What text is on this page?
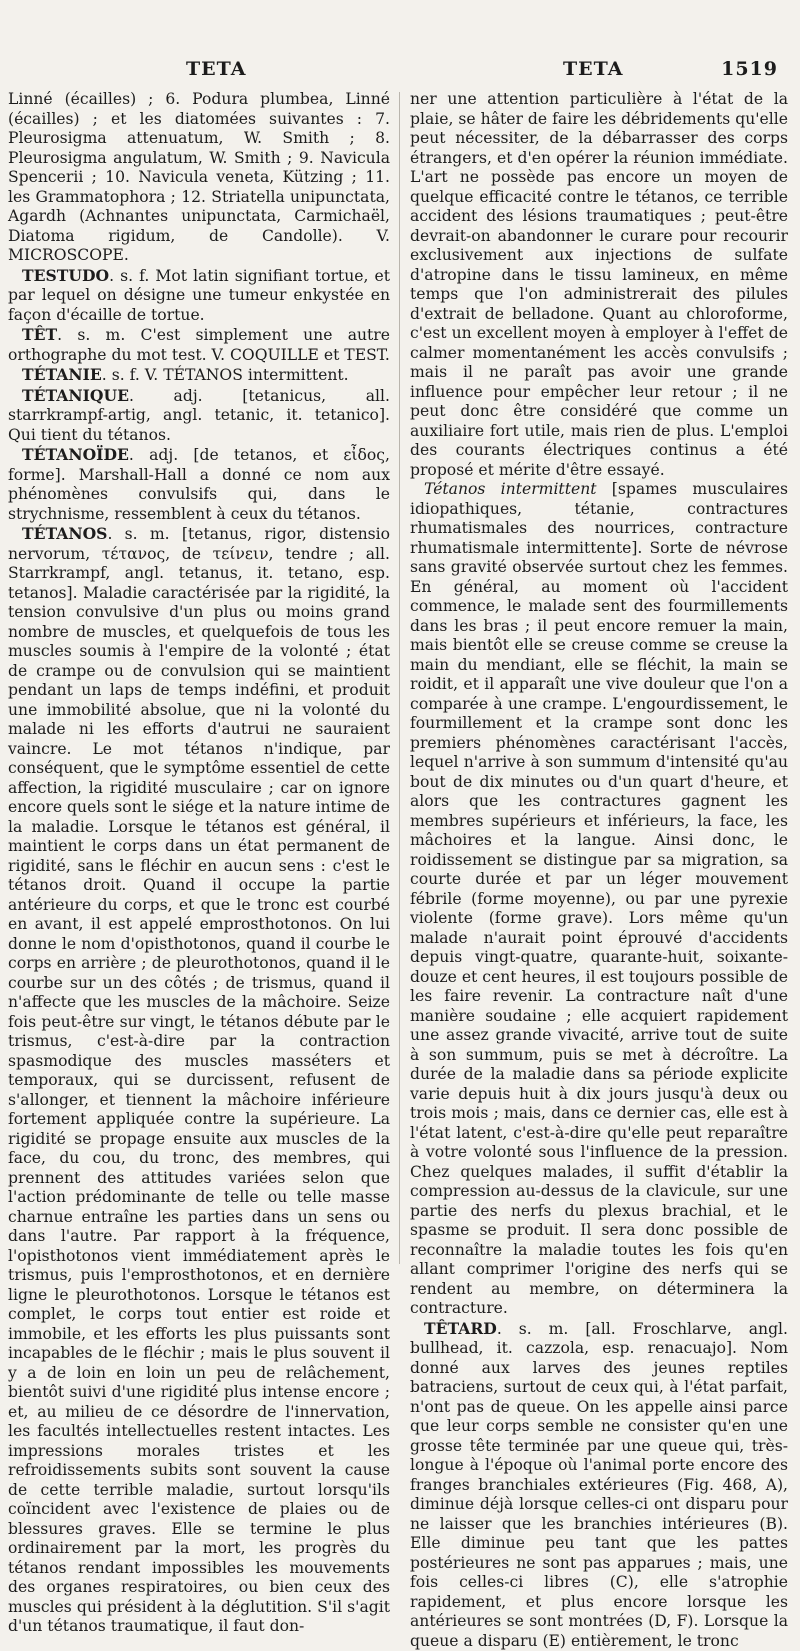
TETA	TETA	1519

Linné (écailles) ; 6. Podura plumbea, Linné (écailles) ; et les diatomées suivantes : 7. Pleurosigma attenuatum, W. Smith ; 8. Pleurosigma angulatum, W. Smith ; 9. Navicula Spencerii ; 10. Navicula veneta, Kützing ; 11. les Grammatophora ; 12. Striatella unipunctata, Agardh (Achnantes unipunctata, Carmichaël, Diatoma rigidum, de Candolle). V. MICROSCOPE.

TESTUDO. s. f. Mot latin signifiant tortue, et par lequel on désigne une tumeur enkystée en façon d'écaille de tortue.

TÊT. s. m. C'est simplement une autre orthographe du mot test. V. COQUILLE et TEST.

TÉTANIE. s. f. V. TÉTANOS intermittent.

TÉTANIQUE. adj. [tetanicus, all. starrkrampf-artig, angl. tetanic, it. tetanico]. Qui tient du tétanos.

TÉTANOÏDE. adj. [de tetanos, et εἶδος, forme]. Marshall-Hall a donné ce nom aux phénomènes convulsifs qui, dans le strychnisme, ressemblent à ceux du tétanos.

TÉTANOS. s. m. [tetanus, rigor, distensio nervorum, τέτανος, de τείνειν, tendre ; all. Starrkrampf, angl. tetanus, it. tetano, esp. tetanos]. Maladie caractérisée par la rigidité, la tension convulsive d'un plus ou moins grand nombre de muscles, et quelquefois de tous les muscles soumis à l'empire de la volonté ; état de crampe ou de convulsion qui se maintient pendant un laps de temps indéfini, et produit une immobilité absolue, que ni la volonté du malade ni les efforts d'autrui ne sauraient vaincre. Le mot tétanos n'indique, par conséquent, que le symptôme essentiel de cette affection, la rigidité musculaire ; car on ignore encore quels sont le siége et la nature intime de la maladie. Lorsque le tétanos est général, il maintient le corps dans un état permanent de rigidité, sans le fléchir en aucun sens : c'est le tétanos droit. Quand il occupe la partie antérieure du corps, et que le tronc est courbé en avant, il est appelé emprosthotonos. On lui donne le nom d'opisthotonos, quand il courbe le corps en arrière ; de pleurothotonos, quand il le courbe sur un des côtés ; de trismus, quand il n'affecte que les muscles de la mâchoire. Seize fois peut-être sur vingt, le tétanos débute par le trismus, c'est-à-dire par la contraction spasmodique des muscles masséters et temporaux, qui se durcissent, refusent de s'allonger, et tiennent la mâchoire inférieure fortement appliquée contre la supérieure. La rigidité se propage ensuite aux muscles de la face, du cou, du tronc, des membres, qui prennent des attitudes variées selon que l'action prédominante de telle ou telle masse charnue entraîne les parties dans un sens ou dans l'autre. Par rapport à la fréquence, l'opisthotonos vient immédiatement après le trismus, puis l'emprosthotonos, et en dernière ligne le pleurothotonos. Lorsque le tétanos est complet, le corps tout entier est roide et immobile, et les efforts les plus puissants sont incapables de le fléchir ; mais le plus souvent il y a de loin en loin un peu de relâchement, bientôt suivi d'une rigidité plus intense encore ; et, au milieu de ce désordre de l'innervation, les facultés intellectuelles restent intactes. Les impressions morales tristes et les refroidissements subits sont souvent la cause de cette terrible maladie, surtout lorsqu'ils coïncident avec l'existence de plaies ou de blessures graves. Elle se termine le plus ordinairement par la mort, les progrès du tétanos rendant impossibles les mouvements des organes respiratoires, ou bien ceux des muscles qui président à la déglutition. S'il s'agit d'un tétanos traumatique, il faut don-

ner une attention particulière à l'état de la plaie, se hâter de faire les débridements qu'elle peut nécessiter, de la débarrasser des corps étrangers, et d'en opérer la réunion immédiate. L'art ne possède pas encore un moyen de quelque efficacité contre le tétanos, ce terrible accident des lésions traumatiques ; peut-être devrait-on abandonner le curare pour recourir exclusivement aux injections de sulfate d'atropine dans le tissu lamineux, en même temps que l'on administrerait des pilules d'extrait de belladone. Quant au chloroforme, c'est un excellent moyen à employer à l'effet de calmer momentanément les accès convulsifs ; mais il ne paraît pas avoir une grande influence pour empêcher leur retour ; il ne peut donc être considéré que comme un auxiliaire fort utile, mais rien de plus. L'emploi des courants électriques continus a été proposé et mérite d'être essayé.

Tétanos intermittent [spames musculaires idiopathiques, tétanie, contractures rhumatismales des nourrices, contracture rhumatismale intermittente]. Sorte de névrose sans gravité observée surtout chez les femmes. En général, au moment où l'accident commence, le malade sent des fourmillements dans les bras ; il peut encore remuer la main, mais bientôt elle se creuse comme se creuse la main du mendiant, elle se fléchit, la main se roidit, et il apparaît une vive douleur que l'on a comparée à une crampe. L'engourdissement, le fourmillement et la crampe sont donc les premiers phénomènes caractérisant l'accès, lequel n'arrive à son summum d'intensité qu'au bout de dix minutes ou d'un quart d'heure, et alors que les contractures gagnent les membres supérieurs et inférieurs, la face, les mâchoires et la langue. Ainsi donc, le roidissement se distingue par sa migration, sa courte durée et par un léger mouvement fébrile (forme moyenne), ou par une pyrexie violente (forme grave). Lors même qu'un malade n'aurait point éprouvé d'accidents depuis vingt-quatre, quarante-huit, soixante-douze et cent heures, il est toujours possible de les faire revenir. La contracture naît d'une manière soudaine ; elle acquiert rapidement une assez grande vivacité, arrive tout de suite à son summum, puis se met à décroître. La durée de la maladie dans sa période explicite varie depuis huit à dix jours jusqu'à deux ou trois mois ; mais, dans ce dernier cas, elle est à l'état latent, c'est-à-dire qu'elle peut reparaître à votre volonté sous l'influence de la pression. Chez quelques malades, il suffit d'établir la compression au-dessus de la clavicule, sur une partie des nerfs du plexus brachial, et le spasme se produit. Il sera donc possible de reconnaître la maladie toutes les fois qu'en allant comprimer l'origine des nerfs qui se rendent au membre, on déterminera la contracture.

TÊTARD. s. m. [all. Froschlarve, angl. bullhead, it. cazzola, esp. renacuajo]. Nom donné aux larves des jeunes reptiles batraciens, surtout de ceux qui, à l'état parfait, n'ont pas de queue. On les appelle ainsi parce que leur corps semble ne consister qu'en une grosse tête terminée par une queue qui, très-longue à l'époque où l'animal porte encore des franges branchiales extérieures (Fig. 468, A), diminue déjà lorsque celles-ci ont disparu pour ne laisser que les branchies intérieures (B). Elle diminue peu tant que les pattes postérieures ne sont pas apparues ; mais, une fois celles-ci libres (C), elle s'atrophie rapidement, et plus encore lorsque les antérieures se sont montrées (D, F). Lorsque la queue a disparu (E) entièrement, le tronc
